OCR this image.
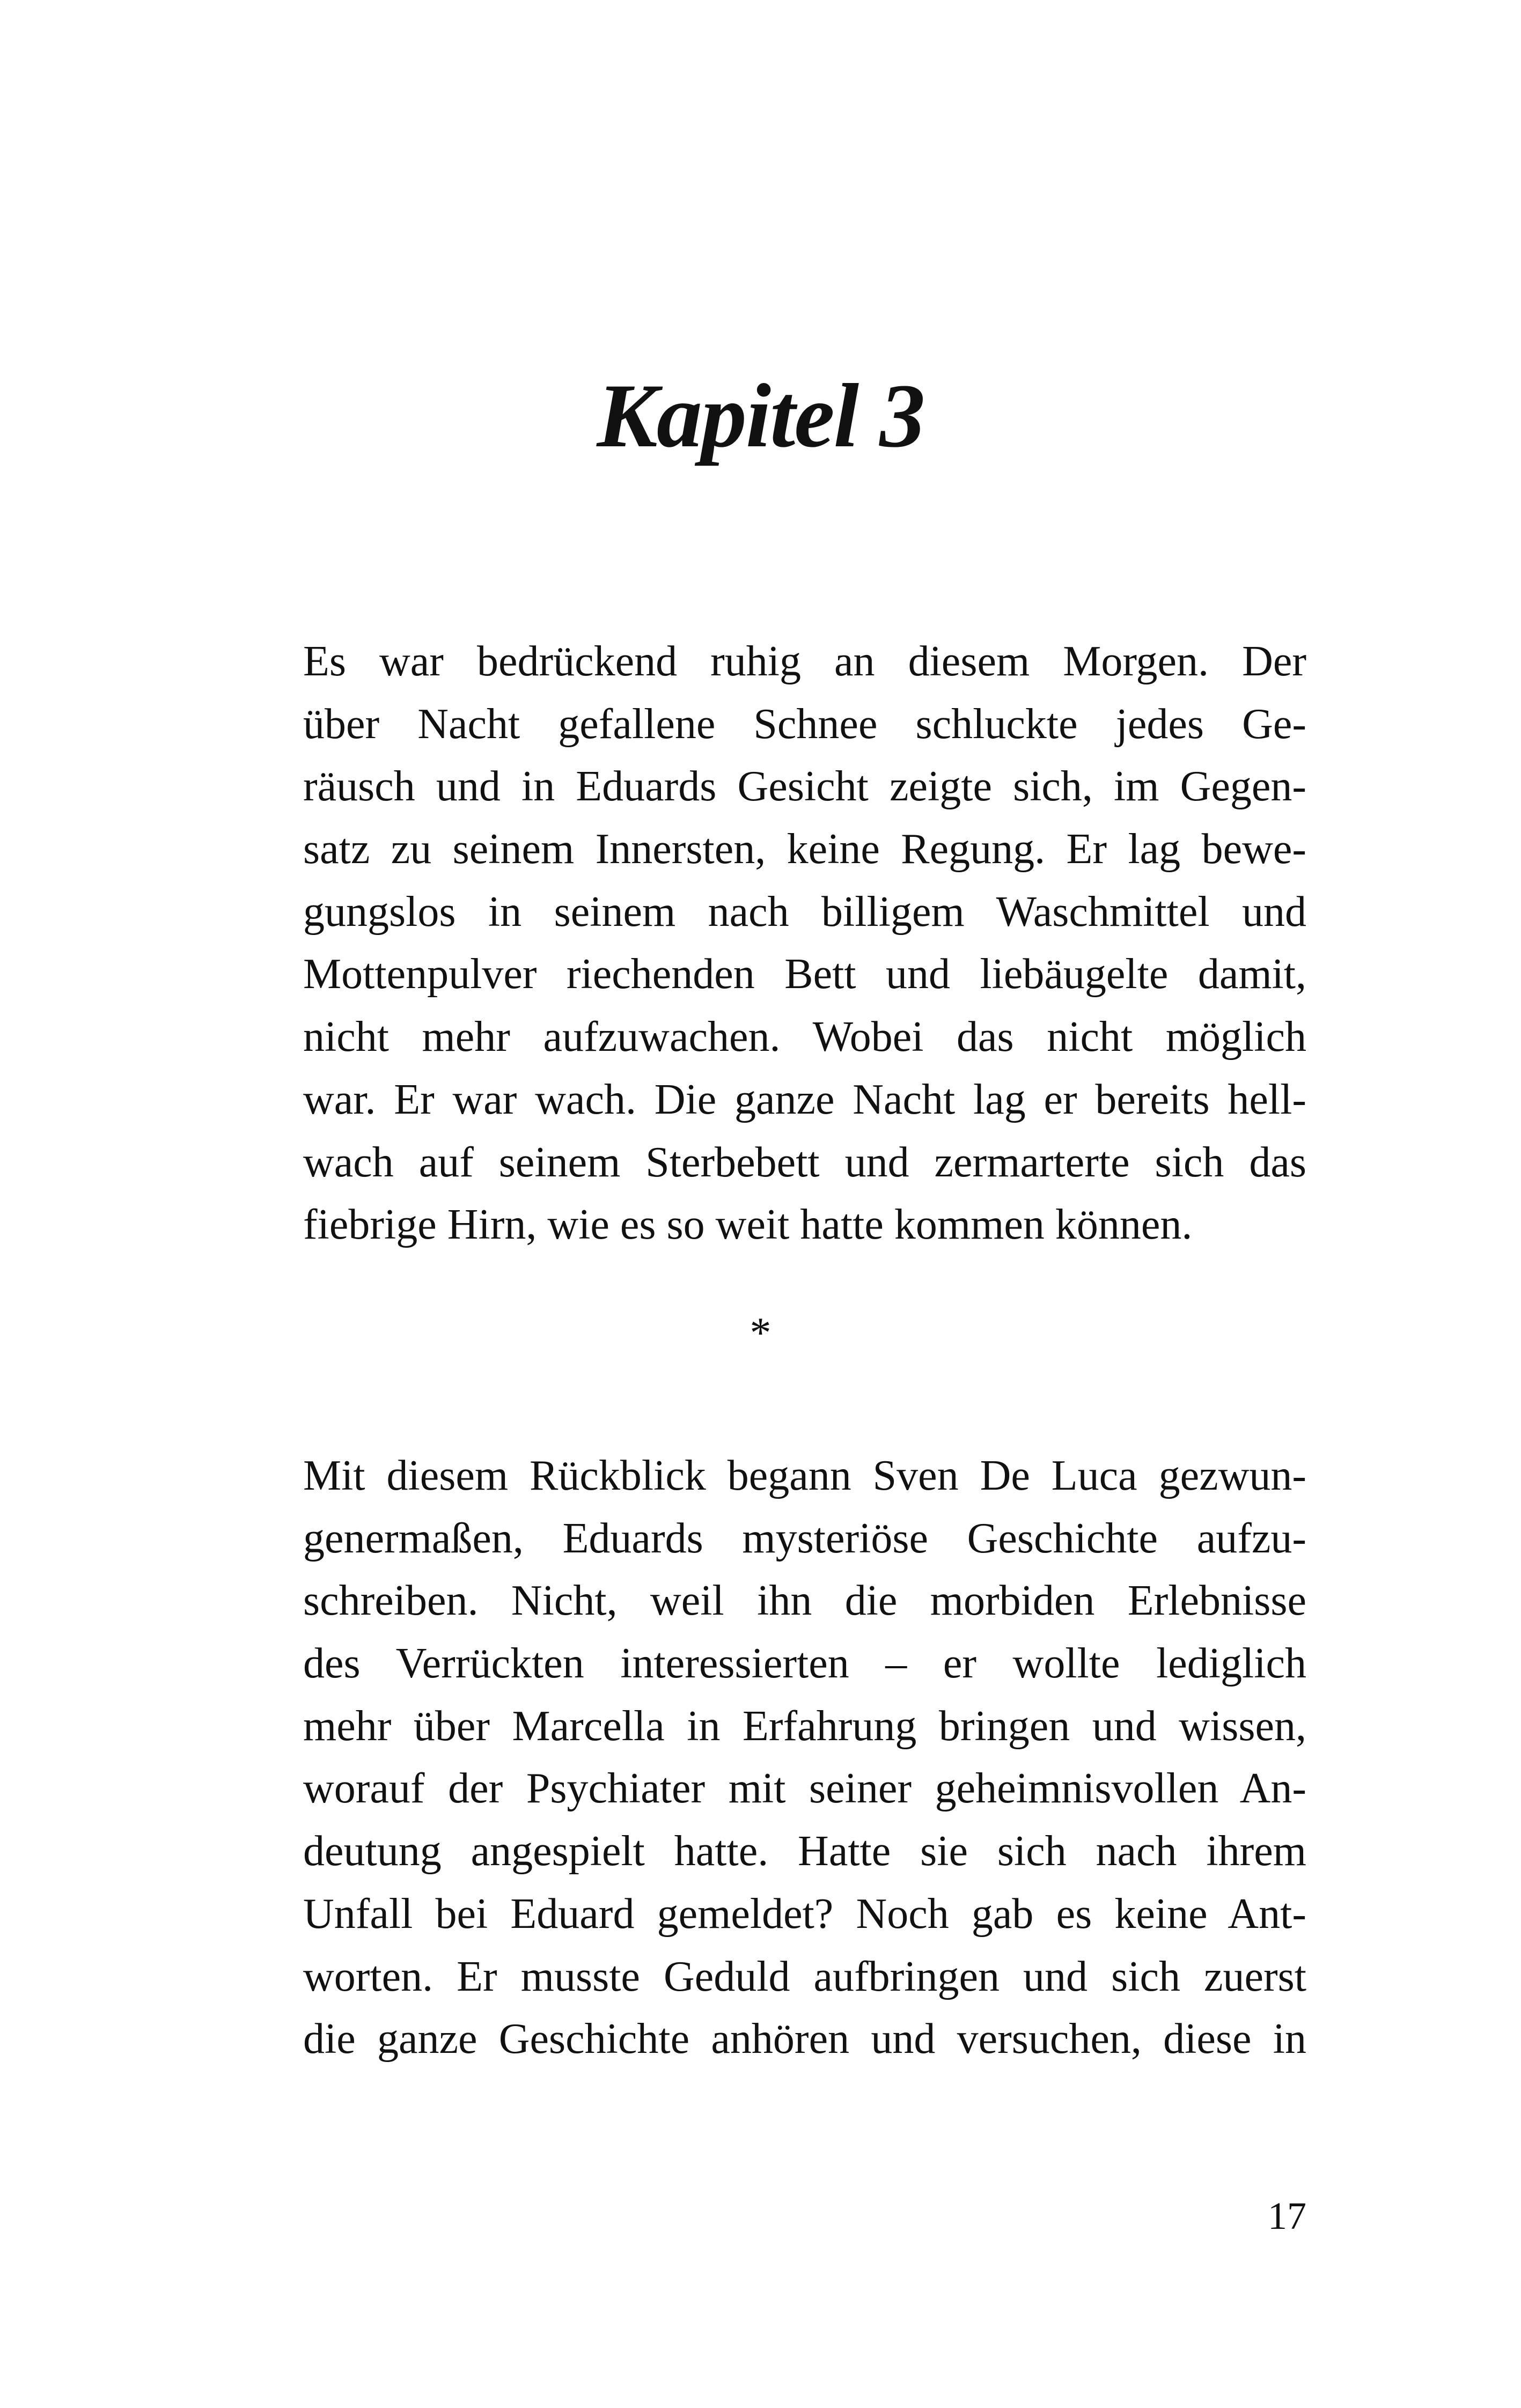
Kapitel 3
Es war bedrückend ruhig an diesem Morgen. Der
über Nacht gefallene Schnee schluckte jedes Ge-
räusch und in Eduards Gesicht zeigte sich, im Gegen-
satz zu seinem Innersten, keine Regung. Er lag bewe-
gungslos in seinem nach billigem Waschmittel und
Mottenpulver riechenden Bett und liebäugelte damit,
nicht mehr aufzuwachen. Wobei das nicht möglich
war. Er war wach. Die ganze Nacht lag er bereits hell-
wach auf seinem Sterbebett und zermarterte sich das
fiebrige Hirn, wie es so weit hatte kommen können.
*
Mit diesem Rückblick begann Sven De Luca gezwun-
genermaßen, Eduards mysteriöse Geschichte aufzu-
schreiben. Nicht, weil ihn die morbiden Erlebnisse
des Verrückten interessierten – er wollte lediglich
mehr über Marcella in Erfahrung bringen und wissen,
worauf der Psychiater mit seiner geheimnisvollen An-
deutung angespielt hatte. Hatte sie sich nach ihrem
Unfall bei Eduard gemeldet? Noch gab es keine Ant-
worten. Er musste Geduld aufbringen und sich zuerst
die ganze Geschichte anhören und versuchen, diese in
17
